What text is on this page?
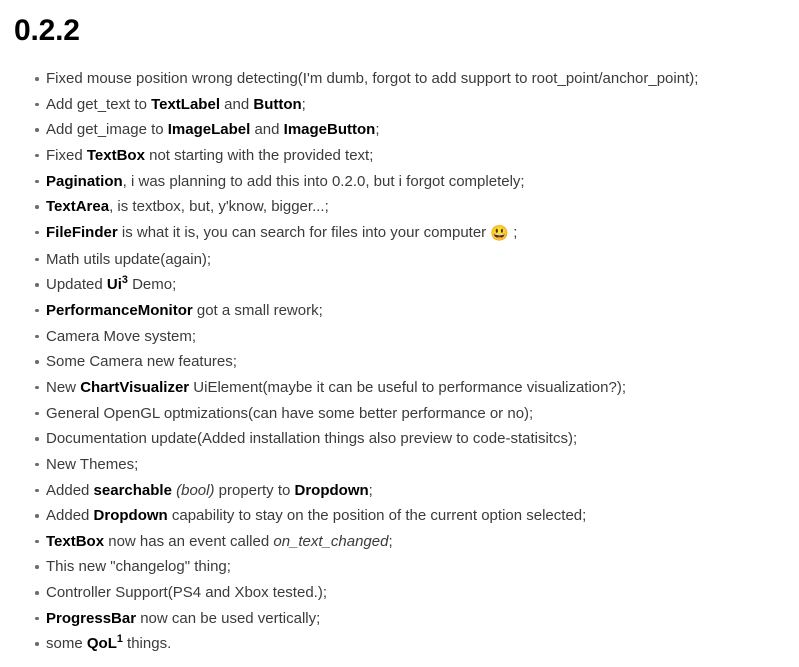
0.2.2
Fixed mouse position wrong detecting(I'm dumb, forgot to add support to root_point/anchor_point);
Add get_text to TextLabel and Button;
Add get_image to ImageLabel and ImageButton;
Fixed TextBox not starting with the provided text;
Pagination, i was planning to add this into 0.2.0, but i forgot completely;
TextArea, is textbox, but, y'know, bigger...;
FileFinder is what it is, you can search for files into your computer 😃 ;
Math utils update(again);
Updated Ui$^3$ Demo;
PerformanceMonitor got a small rework;
Camera Move system;
Some Camera new features;
New ChartVisualizer UiElement(maybe it can be useful to performance visualization?);
General OpenGL optmizations(can have some better performance or no);
Documentation update(Added installation things also preview to code-statisitcs);
New Themes;
Added searchable (bool) property to Dropdown;
Added Dropdown capability to stay on the position of the current option selected;
TextBox now has an event called on_text_changed;
This new "changelog" thing;
Controller Support(PS4 and Xbox tested.);
ProgressBar now can be used vertically;
some QoL$^1$ things.
